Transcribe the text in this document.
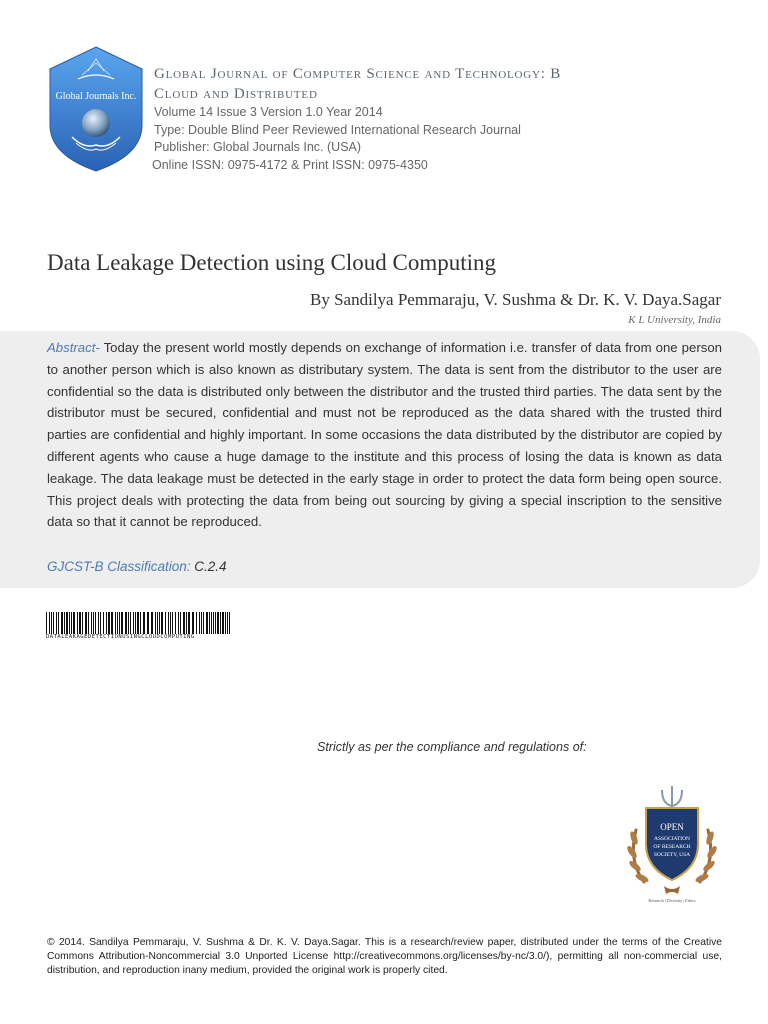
Global Journals Inc.
Global Journal of Computer Science and Technology: B
Cloud and Distributed
Volume 14 Issue 3 Version 1.0 Year 2014
Type: Double Blind Peer Reviewed International Research Journal
Publisher: Global Journals Inc. (USA)
Online ISSN: 0975-4172 & Print ISSN: 0975-4350
Data Leakage Detection using Cloud Computing
By Sandilya Pemmaraju, V. Sushma & Dr. K. V. Daya.Sagar
K L University, India
Abstract- Today the present world mostly depends on exchange of information i.e. transfer of data from one person to another person which is also known as distributary system. The data is sent from the distributor to the user are confidential so the data is distributed only between the distributor and the trusted third parties. The data sent by the distributor must be secured, confidential and must not be reproduced as the data shared with the trusted third parties are confidential and highly important. In some occasions the data distributed by the distributor are copied by different agents who cause a huge damage to the institute and this process of losing the data is known as data leakage. The data leakage must be detected in the early stage in order to protect the data form being open source. This project deals with protecting the data from being out sourcing by giving a special inscription to the sensitive data so that it cannot be reproduced.
GJCST-B Classification: C.2.4
DATALEAKAGEDETECTIONUSINGCLOUDCOMPUTING
Strictly as per the compliance and regulations of:
OPEN
ASSOCIATION
OF RESEARCH
SOCIETY, USA
Research | Diversity | Ethics
© 2014. Sandilya Pemmaraju, V. Sushma & Dr. K. V. Daya.Sagar. This is a research/review paper, distributed under the terms of the Creative Commons Attribution-Noncommercial 3.0 Unported License http://creativecommons.org/licenses/by-nc/3.0/), permitting all non-commercial use, distribution, and reproduction inany medium, provided the original work is properly cited.
